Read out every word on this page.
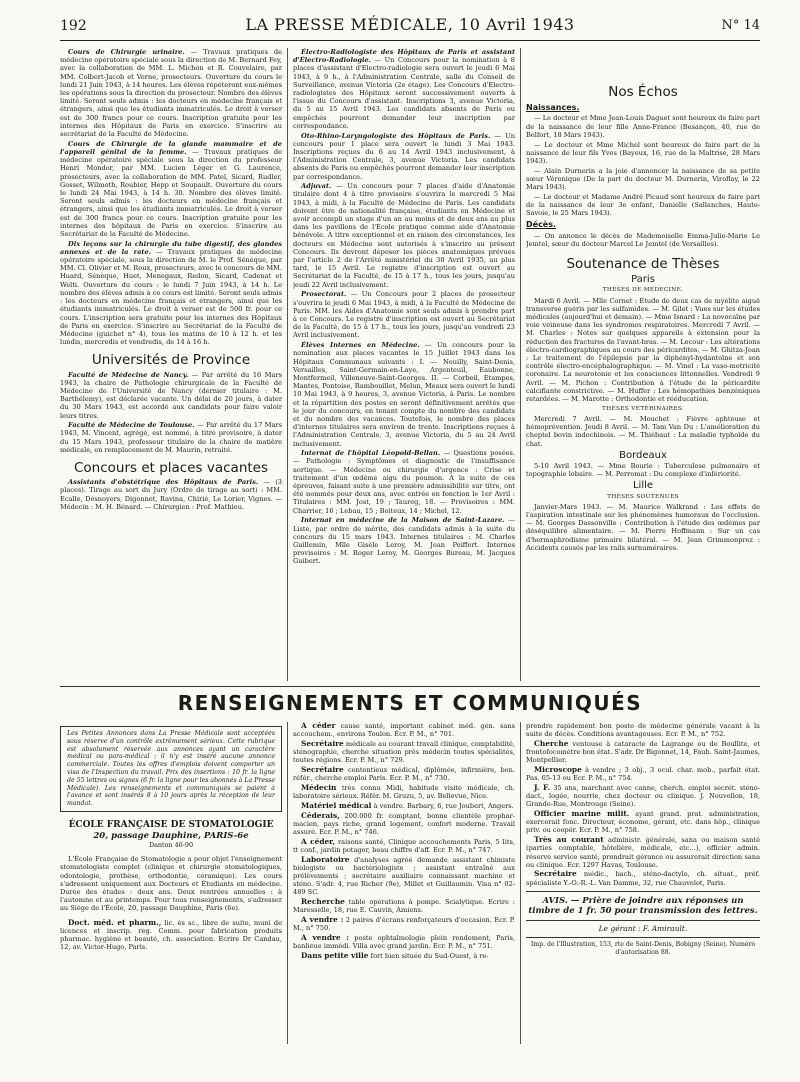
192	LA PRESSE MÉDICALE, 10 Avril 1943	N° 14

Cours de Chirurgie urinaire. — Travaux pratiques de médecine opératoire spéciale sous la direction de M. Bernard Fey, avec la collaboration de MM. L. Michon et R. Couvelaire, par MM. Colbert-Jacob et Verne, prosecteurs. Ouverture du cours le lundi 21 Juin 1943, à 14 heures. Les élèves répéteront eux-mêmes les opérations sous la direction du prosecteur. Nombre des élèves limité. Seront seuls admis : les docteurs en médecine français et étrangers, ainsi que les étudiants immatriculés. Le droit à verser est de 300 francs pour ce cours. Inscription gratuite pour les internes des Hôpitaux de Paris en exercice. S'inscrire au secrétariat de la Faculté de Médecine.

Cours de Chirurgie de la glande mammaire et de l'appareil génital de la femme. — Travaux pratiques de médecine opératoire spéciale sous la direction du professeur Henri Mondor, par MM. Lucien Léger et G. Laurence, prosecteurs, avec la collaboration de MM. Patel, Sicard, Rudler, Gosset, Wilmoth, Roubier, Hepp et Soupault. Ouverture du cours le lundi 24 Mai 1943, à 14 h. 30. Nombre des élèves limité. Seront seuls admis : les docteurs en médecine français et étrangers, ainsi que les étudiants immatriculés. Le droit à verser est de 300 francs pour ce cours. Inscription gratuite pour les internes des hôpitaux de Paris en exercice. S'inscrire au Secrétariat de la Faculté de Médecine.

Dix leçons sur la chirurgie du tube digestif, des glandes annexes et de la rate. — Travaux pratiques de médecine opératoire spéciale, sous la direction de M. le Prof. Sénèque, par MM. Cl. Olivier et M. Roux, prosecteurs, avec le concours de MM. Huard, Sénèque, Huet, Menegaux, Redon, Sicard, Cadenat et Welti. Ouverture du cours : le lundi 7 Juin 1943, à 14 h. Le nombre des élèves admis à ce cours est limité. Seront seuls admis : les docteurs en médecine français et étrangers, ainsi que les étudiants immatriculés. Le droit à verser est de 500 fr. pour ce cours. L'inscription sera gratuite pour les internes des Hôpitaux de Paris en exercice. S'inscrire au Secrétariat de la Faculté de Médecine (guichet n° 4), tous les matins de 10 à 12 h. et les lundis, mercredis et vendredis, de 14 à 16 h.

Universités de Province

Faculté de Médecine de Nancy. — Par arrêté du 16 Mars 1943, la chaire de Pathologie chirurgicale de la Faculté de Médecine de l'Université de Nancy (dernier titulaire : M. Barthélemy), est déclarée vacante. Un délai de 20 jours, à dater du 30 Mars 1943, est accordé aux candidats pour faire valoir leurs titres.

Faculté de Médecine de Toulouse. — Par arrêté du 17 Mars 1943, M. Vincent, agrégé, est nommé, à titre provisoire, à dater du 15 Mars 1943, professeur titulaire de la chaire de matière médicale, en remplacement de M. Maurin, retraité.

Concours et places vacantes

Assistants d'obstétrique des Hôpitaux de Paris. — (3 places). Tirage au sort du Jury (Ordre de tirage au sort) : MM. Ecalle, Desnoyers, Digonnet, Ravina, Chirié, Le Lorier, Vignes. — Médecin : M. H. Bénard. — Chirurgien : Prof. Mathieu.

Électro-Radiologiste des Hôpitaux de Paris et assistant d'Électro-Radiologie. — Un Concours pour la nomination à 8 places d'assistant d'Electro-radiologie sera ouvert le jeudi 6 Mai 1943, à 9 h., à l'Administration Centrale, salle du Conseil de Surveillance, avenue Victoria (2e étage). Les Concours d'Electro-radiologistes des Hôpitaux seront successivement ouverts à l'issue du Concours d'assistant. Inscriptions 3, avenue Victoria, du 5 au 15 Avril 1943. Les candidats absents de Paris ou empêchés pourront demander leur inscription par correspondance.

Oto-Rhino-Laryngologiste des Hôpitaux de Paris. — Un concours pour 1 place sera ouvert le lundi 3 Mai 1943. Inscriptions reçues du 6 au 14 Avril 1943 inclusivement, à l'Administration Centrale, 3, avenue Victoria. Les candidats absents de Paris ou empêchés pourront demander leur inscription par correspondance.

Adjuvat. — Un concours pour 7 places d'aide d'Anatomie titulaire dont 4 à titre provisoire s'ouvrira le mercredi 5 Mai 1943, à midi, à la Faculté de Médecine de Paris. Les candidats doivent être de nationalité française, étudiants en Médecine et avoir accompli un stage d'un an au moins et de deux ans au plus dans les pavillons de l'Ecole pratique comme aide d'Anatomie bénévole. A titre exceptionnel et en raison des circonstances, les docteurs en Médecine sont autorisés à s'inscrire au présent Concours. Ils devront déposer les pièces anatomiques prévues par l'article 2 de l'Arrêté ministériel du 30 Avril 1935, au plus tard, le 15 Avril. Le registre d'inscription est ouvert au Secrétariat de la Faculté, de 15 à 17 h., tous les jours, jusqu'au jeudi 22 Avril inclusivement.

Prosectorat. — Un Concours pour 2 places de prosecteur s'ouvrira le jeudi 6 Mai 1943, à midi, à la Faculté de Médecine de Paris. MM. les Aides d'Anatomie sont seuls admis à prendre part à ce Concours. Le registre d'inscription est ouvert au Secrétariat de la Faculté, de 15 à 17 h., tous les jours, jusqu'au vendredi 23 Avril inclusivement.

Élèves Internes en Médecine. — Un concours pour la nomination aux places vacantes le 15 Juillet 1943 dans les Hôpitaux Communaux suivants : I. — Neuilly, Saint-Denis, Versailles, Saint-Germain-en-Laye, Argenteuil, Eaubonne, Montfermeil, Villeneuve-Saint-Georges. II. — Corbeil, Etampes, Mantes, Pontoise, Rambouillet, Melun, Meaux sera ouvert le lundi 10 Mai 1943, à 9 heures, 3, avenue Victoria, à Paris. Le nombre et la répartition des postes en seront définitivement arrêtés que le jour du concours, en tenant compte du nombre des candidats et du nombre des vacances. Toutefois, le nombre des places d'internes titulaires sera environ de trente. Inscriptions reçues à l'Administration Centrale, 3, avenue Victoria, du 5 au 24 Avril inclusivement.

Internat de l'hôpital Léopold-Bellan. — Questions posées. — Pathologie : Symptômes et diagnostic de l'insuffisance aortique. — Médecine ou chirurgie d'urgence : Crise et traitement d'un œdème aigu du poumon. A la suite de ces épreuves, faisant suite à une première admissibilité sur titre, ont été nommés pour deux ans, avec entrée en fonction le 1er Avril : Titulaires : MM. Jost, 19 ; Taureg, 18. — Provisoires : MM. Charrier, 16 ; Lebau, 15 ; Boiteux, 14 ; Michel, 12.

Internat en médecine de la Maison de Saint-Lazare. — Liste, par ordre de mérite, des candidats admis à la suite du concours du 15 mars 1943. Internes titulaires : M. Charles Guillemin, Mlle Gisèle Leroy, M. Jean Peiffert. Internes provisoires : M. Roger Leroy, M. Georges Bureau, M. Jacques Guibert.

Nos Échos
Naissances.

— Le docteur et Mme Jean-Louis Daguet sont heureux de faire part de la naissance de leur fille Anne-France (Besançon, 40, rue de Belfort, 18 Mars 1943).

— Le docteur et Mme Michel sont heureux de faire part de la naissance de leur fils Yves (Bayeux, 16, rue de la Maltrise, 28 Mars 1943).

— Alain Durnerin a la joie d'annoncer la naissance de sa petite sœur Véronique (De la part du docteur M. Durnerin, Viroflay, le 22 Mars 1943).

— Le docteur et Madame André Picaud sont heureux de faire part de la naissance de leur 3e enfant, Danielle (Sallanches, Haute-Savoie, le 25 Mars 1943).

Décès.

— On annonce le décès de Mademoiselle Emma-Julie-Marie Le Jemtel, sœur du docteur Marcel Le Jemtel (de Versailles).

Soutenance de Thèses
Paris
THÈSES DE MÉDECINE.

Mardi 6 Avril. — Mlle Cornet : Étude de deux cas de myélite aiguë transverse guéris par les sulfamides. — M. Gilet : Vues sur les études médicales (aujourd'hui et demain). — Mme Isnard : La novocaïne par voie veineuse dans les syndromes respiratoires. Mercredi 7 Avril. — M. Charles : Notes sur quelques appareils à extension pour la réduction des fractures de l'avant-bras. — M. Lecour : Les altérations électro-cardiographiques au cours des péricardites. — M. Ghitza-Joan : Le traitement de l'épilepsie par la diphényl-hydantoïne et son contrôle électro-encéphalographique. — M. Vinel : La vaso-motricité coronaire. La neurotonie et les consciences littonnelles. Vendredi 9 Avril. — M. Pichon : Contribution à l'étude de la péricardite calcifiante constrictive. — M. Huffer : Les hémopathies benzéniques retardées. — M. Marotte : Orthodontie et rééducation.

THÈSES VÉTÉRINAIRES.

Mercredi 7 Avril. — M. Mouchet : Fièvre aphteuse et hémoprévention. Jeudi 8 Avril. — M. Tam Van Du : L'amélioration du cheptel bovin indochinois. — M. Thiébaut : La maladie typhoïde du chat.

Bordeaux

5-10 Avril 1943. — Mme Bourie : Tuberculose pulmonaire et topographie lobaire. — M. Perromat : Du complexe d'infériorité.

Lille
THÈSES SOUTENUES

Janvier-Mars 1943. — M. Maurice Walkrand : Les effets de l'aspiration intestinale sur les phénomènes humoraux de l'occlusion. — M. Georges Dassonville : Contribution à l'étude des œdèmes par déséquilibre alimentaire. — M. Pierre Hoffmann : Sur un cas d'hermaphrodisme primaire bilatéral. — M. Jean Grimmonprez : Accidents causés par les rails surnuméraires.

RENSEIGNEMENTS ET COMMUNIQUÉS
Les Petites Annonces dans La Presse Médicale sont acceptées sous réserve d'un contrôle extrêmement sérieux. Cette rubrique est absolument réservée aux annonces ayant un caractère médical ou para-médical ; il n'y est inséré aucune annonce commerciale. Toutes les offres d'emplois doivent comporter un visa de l'Inspection du travail. Prix des insertions : 10 fr. la ligne de 55 lettres ou signes (6 fr. la ligne pour les abonnés à La Presse Médicale). Les renseignements et communiqués se paient à l'avance et sont insérés 8 à 10 jours après la réception de leur mandat.
ÉCOLE FRANÇAISE DE STOMATOLOGIE
20, passage Dauphine, PARIS-6e
Danton 46-90

L'École Française de Stomatologie a pour objet l'enseignement stomatologiste complet (clinique et chirurgie stomatologiques, odontologie, prothèse, orthodontie, céramique). Les cours s'adressent uniquement aux Docteurs et Étudiants en médecine. Durée des études : deux ans. Deux rentrées annuelles : à l'automne et au printemps. Pour tous renseignements, s'adresser au Siège de l'École, 20, passage Dauphine, Paris (6e).

Doct. méd. et pharm., lic. ès sc., libre de suite, muni de licences et inscrip. reg. Comm. pour fabrication produits pharmac. hygiène et beauté, ch. association. Ecrire Dr Candau, 12, av. Victor-Hugo, Paris.

A céder cause santé, important cabinet méd. gén. sans accouchem., environs Toulon. Écr. P. M., n° 701.

Secrétaire médicale au courant travail clinique, comptabilité, sténographie, cherche situation près médecin toutes spécialités, toutes régions. Ecr. P. M., n° 729.

Secrétaire contentieux médical, diplômée, infirmière, bon. référ., cherche emploi Paris. Ecr. P. M., n° 730.

Médecin très connu Midi, habitude visite médicale, ch. laboratoire sérieux. Référ. M. Gruzu, 5, av. Bellevue, Nice.

Matériel médical à vendre. Barbary, 6, rue Joubert, Angers.

Céderais, 200.000 fr. comptant, bonne clientèle prophar-macien, pays riche, grand logement, confort moderne. Travail assuré. Ecr. P. M., n° 746.

A céder, raisons santé, Clinique accouchements Paris, 5 lits, tt conf., jardin potager, beau chiffre d'aff. Ecr. P. M., n° 747.

Laboratoire d'analyses agréé demande assistant chimiste biologiste ou bactériologiste ; assistant entraîné aux prélèvements ; secrétaire auxiliaire connaissant machine et sténo. S'adr. 4, rue Richer (9e), Millet et Guillaumin. Visa n° 02-489 SC.

Recherche table opérations à pompe. Scialytique. Ecrire : Maresselle, 18, rue E. Cauvin, Amiens.

A vendre : 2 paires d'écrans renforçateurs d'occasion. Ecr. P. M., n° 750.

A vendre : poste ophtalmologie plein rendement, Paris, banlieue immédi. Villa avec grand jardin. Ecr. P. M., n° 751.

Dans petite ville fort bien située du Sud-Ouest, à re-

prendre rapidement bon poste de médecine générale vacant à la suite de décès. Conditions avantageuses. Ecr. P. M., n° 752.

Cherche ventouse à cataracte de Lagrange ou de Boullite, et frontofocomètre bon état. S'adr. Dr Bigonnet, 14, Faub. Saint-Jaumes, Montpellier.

Microscope à vendre ; 3 obj., 3 ocul. char. mob., parfait état. Pas. 65-13 ou Ecr. P. M., n° 754.

J. F. 35 ans, marchant avec canne, cherch. emploi secrét. sténo-dact., logée, nourrie, chez docteur ou clinique. J. Nouvellon, 18, Grande-Rue, Montrouge (Seine).

Officier marine milit. ayant grand. prat. administration, exercerait fonc. Directeur, économe, gérant, etc. dans hôp., clinique priv. ou coopér. Ecr. P. M., n° 758.

Très au courant administr. générale, sana ou maison santé (parties comptable, hôtelière, médicale, etc...), officier admin. réserve service santé, prendrait gérance ou assurerait direction sana ou clinique. Ecr. 1297 Havas, Toulouse.

Secrétaire médic., bach., sténo-dactylo, ch. situat., préf. spécialiste Y.-O.-R.-L. Van Damme, 32, rue Chauvelot, Paris.

AVIS. — Prière de joindre aux réponses un timbre de 1 fr. 50 pour transmission des lettres.
Le gérant : F. Amirault.
Imp. de l'Illustration, 153, rte de Saint-Denis, Bobigny (Seine). Numéro d'autorisation 88.
